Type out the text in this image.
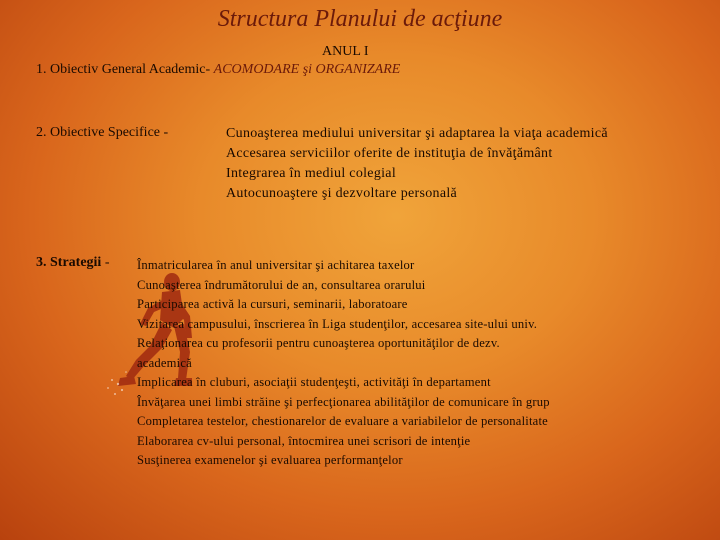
Structura Planului de acţiune
ANUL I
1. Obiectiv General Academic- ACOMODARE şi ORGANIZARE
2. Obiective Specifice -	Cunoaşterea mediului universitar şi adaptarea la viaţa academică
Accesarea serviciilor oferite de instituţia de învăţământ
Integrarea în mediul colegial
Autocunoaştere şi dezvoltare personală
3. Strategii - Înmatricularea în anul universitar şi achitarea taxelor
Cunoaşterea îndrumătorului de an, consultarea orarului
Participarea activă la cursuri, seminarii, laboratoare
Vizitarea campusului, înscrierea în Liga studenţilor, accesarea site-ului univ.
Relaţionarea cu profesorii pentru cunoaşterea oportunităţilor de dezv.
academică
Implicarea în cluburi, asociaţii studenţeşti, activităţi în departament
Învăţarea unei limbi străine şi perfecţionarea abilităţilor de comunicare în grup
Completarea testelor, chestionarelor de evaluare a variabilelor de personalitate
Elaborarea cv-ului personal, întocmirea unei scrisori de intenţie
Susţinerea examenelor şi evaluarea performanţelor
